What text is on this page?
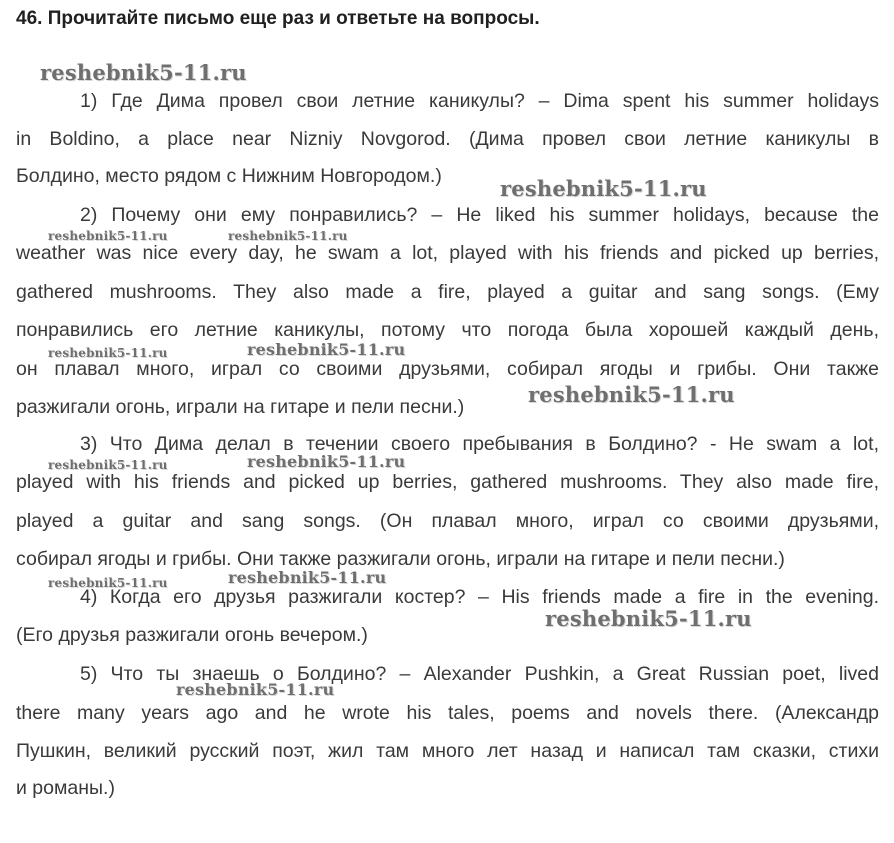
46. Прочитайте письмо еще раз и ответьте на вопросы.
1) Где Дима провел свои летние каникулы? – Dima spent his summer holidays
in Boldino, a place near Nizniy Novgorod. (Дима провел свои летние каникулы в
Болдино, место рядом с Нижним Новгородом.)
2) Почему они ему понравились? – He liked his summer holidays, because the
weather was nice every day, he swam a lot, played with his friends and picked up berries,
gathered mushrooms. They also made a fire, played a guitar and sang songs. (Ему
понравились его летние каникулы, потому что погода была хорошей каждый день,
он плавал много, играл со своими друзьями, собирал ягоды и грибы. Они также
разжигали огонь, играли на гитаре и пели песни.)
3) Что Дима делал в течении своего пребывания в Болдино? - He swam a lot,
played with his friends and picked up berries, gathered mushrooms. They also made fire,
played a guitar and sang songs. (Он плавал много, играл со своими друзьями,
собирал ягоды и грибы. Они также разжигали огонь, играли на гитаре и пели песни.)
4) Когда его друзья разжигали костер? – His friends made a fire in the evening.
(Его друзья разжигали огонь вечером.)
5) Что ты знаешь о Болдино? – Alexander Pushkin, a Great Russian poet, lived
there many years ago and he wrote his tales, poems and novels there. (Александр
Пушкин, великий русский поэт, жил там много лет назад и написал там сказки, стихи
и романы.)
reshebnik5-11.ru
reshebnik5-11.ru
reshebnik5-11.ru	reshebnik5-11.ru
reshebnik5-11.ru	reshebnik5-11.ru
reshebnik5-11.ru
reshebnik5-11.ru	reshebnik5-11.ru
reshebnik5-11.ru	reshebnik5-11.ru
reshebnik5-11.ru
reshebnik5-11.ru
